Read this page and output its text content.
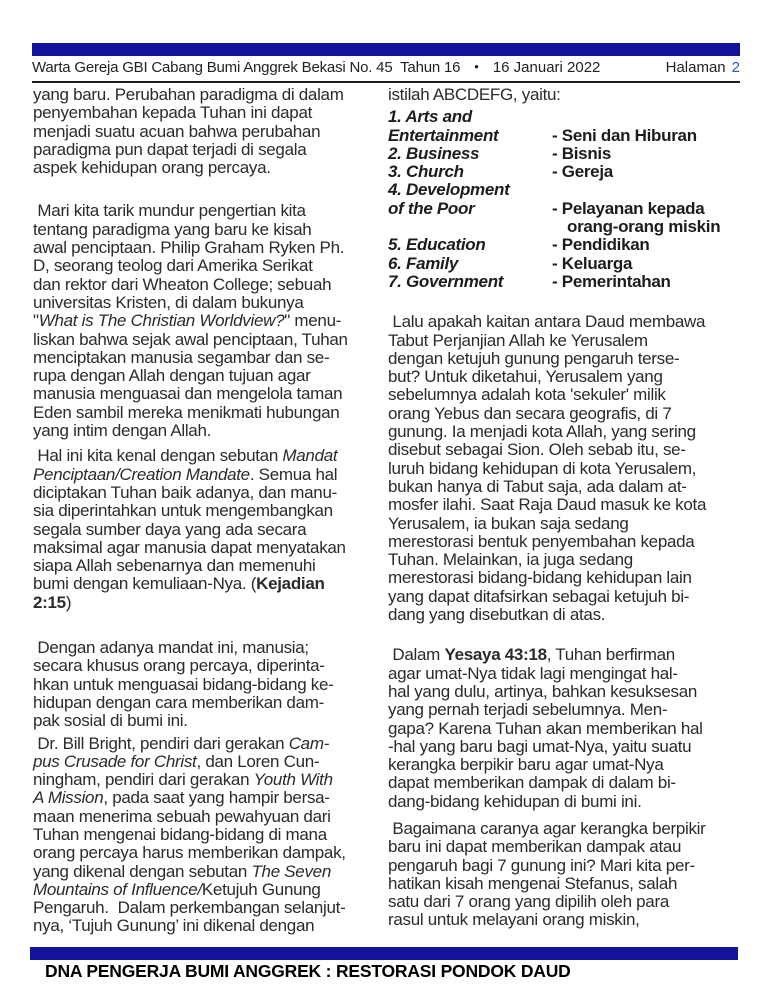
Warta Gereja GBI Cabang Bumi Anggrek Bekasi No. 45  Tahun 16 • 16 Januari 2022	Halaman 2
yang baru. Perubahan paradigma di dalam
penyembahan kepada Tuhan ini dapat
menjadi suatu acuan bahwa perubahan
paradigma pun dapat terjadi di segala
aspek kehidupan orang percaya.
Mari kita tarik mundur pengertian kita
tentang paradigma yang baru ke kisah
awal penciptaan. Philip Graham Ryken Ph.
D, seorang teolog dari Amerika Serikat
dan rektor dari Wheaton College; sebuah
universitas Kristen, di dalam bukunya
"What is The Christian Worldview?" menu-
liskan bahwa sejak awal penciptaan, Tuhan
menciptakan manusia segambar dan se-
rupa dengan Allah dengan tujuan agar
manusia menguasai dan mengelola taman
Eden sambil mereka menikmati hubungan
yang intim dengan Allah.
Hal ini kita kenal dengan sebutan Mandat
Penciptaan/Creation Mandate. Semua hal
diciptakan Tuhan baik adanya, dan manu-
sia diperintahkan untuk mengembangkan
segala sumber daya yang ada secara
maksimal agar manusia dapat menyatakan
siapa Allah sebenarnya dan memenuhi
bumi dengan kemuliaan-Nya. (Kejadian
2:15)
Dengan adanya mandat ini, manusia;
secara khusus orang percaya, diperinta-
hkan untuk menguasai bidang-bidang ke-
hidupan dengan cara memberikan dam-
pak sosial di bumi ini.
Dr. Bill Bright, pendiri dari gerakan Cam-
pus Crusade for Christ, dan Loren Cun-
ningham, pendiri dari gerakan Youth With
A Mission, pada saat yang hampir bersa-
maan menerima sebuah pewahyuan dari
Tuhan mengenai bidang-bidang di mana
orang percaya harus memberikan dampak,
yang dikenal dengan sebutan The Seven
Mountains of Influence/Ketujuh Gunung
Pengaruh.  Dalam perkembangan selanjut-
nya, ‘Tujuh Gunung’ ini dikenal dengan
istilah ABCDEFG, yaitu:
1. Arts and
Entertainment	- Seni dan Hiburan
2. Business	- Bisnis
3. Church	- Gereja
4. Development
of the Poor	- Pelayanan kepada
orang-orang miskin
5. Education	- Pendidikan
6. Family	- Keluarga
7. Government	- Pemerintahan
Lalu apakah kaitan antara Daud membawa
Tabut Perjanjian Allah ke Yerusalem
dengan ketujuh gunung pengaruh terse-
but? Untuk diketahui, Yerusalem yang
sebelumnya adalah kota 'sekuler' milik
orang Yebus dan secara geografis, di 7
gunung. Ia menjadi kota Allah, yang sering
disebut sebagai Sion. Oleh sebab itu, se-
luruh bidang kehidupan di kota Yerusalem,
bukan hanya di Tabut saja, ada dalam at-
mosfer ilahi. Saat Raja Daud masuk ke kota
Yerusalem, ia bukan saja sedang
merestorasi bentuk penyembahan kepada
Tuhan. Melainkan, ia juga sedang
merestorasi bidang-bidang kehidupan lain
yang dapat ditafsirkan sebagai ketujuh bi-
dang yang disebutkan di atas.
Dalam Yesaya 43:18, Tuhan berfirman
agar umat-Nya tidak lagi mengingat hal-
hal yang dulu, artinya, bahkan kesuksesan
yang pernah terjadi sebelumnya. Men-
gapa? Karena Tuhan akan memberikan hal
-hal yang baru bagi umat-Nya, yaitu suatu
kerangka berpikir baru agar umat-Nya
dapat memberikan dampak di dalam bi-
dang-bidang kehidupan di bumi ini.
Bagaimana caranya agar kerangka berpikir
baru ini dapat memberikan dampak atau
pengaruh bagi 7 gunung ini? Mari kita per-
hatikan kisah mengenai Stefanus, salah
satu dari 7 orang yang dipilih oleh para
rasul untuk melayani orang miskin,
DNA PENGERJA BUMI ANGGREK : RESTORASI PONDOK DAUD
